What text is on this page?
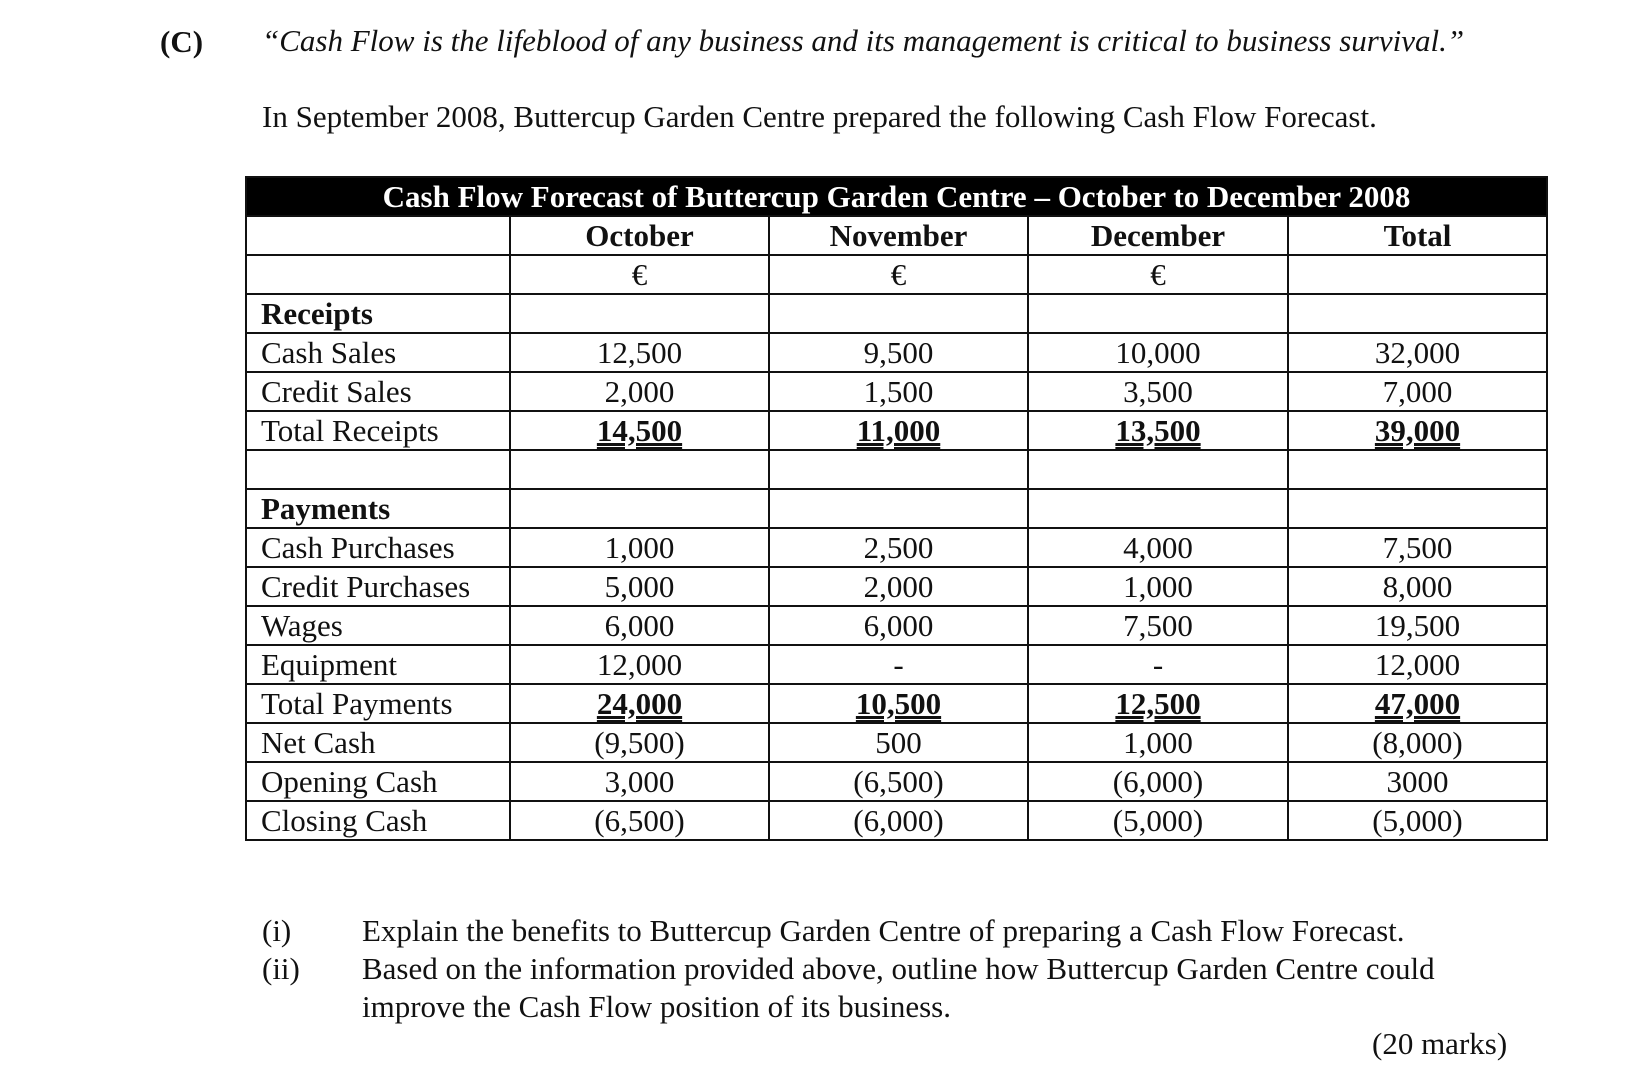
(C) “Cash Flow is the lifeblood of any business and its management is critical to business survival.”
In September 2008, Buttercup Garden Centre prepared the following Cash Flow Forecast.
Cash Flow Forecast of Buttercup Garden Centre – October to December 2008				
	October	November	December	Total
	€	€	€	
Receipts				
Cash Sales	12,500	9,500	10,000	32,000
Credit Sales	2,000	1,500	3,500	7,000
Total Receipts	14,500	11,000	13,500	39,000

Payments				
Cash Purchases	1,000	2,500	4,000	7,500
Credit Purchases	5,000	2,000	1,000	8,000
Wages	6,000	6,000	7,500	19,500
Equipment	12,000	-	-	12,000
Total Payments	24,000	10,500	12,500	47,000
Net Cash	(9,500)	500	1,000	(8,000)
Opening Cash	3,000	(6,500)	(6,000)	3000
Closing Cash	(6,500)	(6,000)	(5,000)	(5,000)
(i)	Explain the benefits to Buttercup Garden Centre of preparing a Cash Flow Forecast.
(ii)	Based on the information provided above, outline how Buttercup Garden Centre could improve the Cash Flow position of its business.
(20 marks)
